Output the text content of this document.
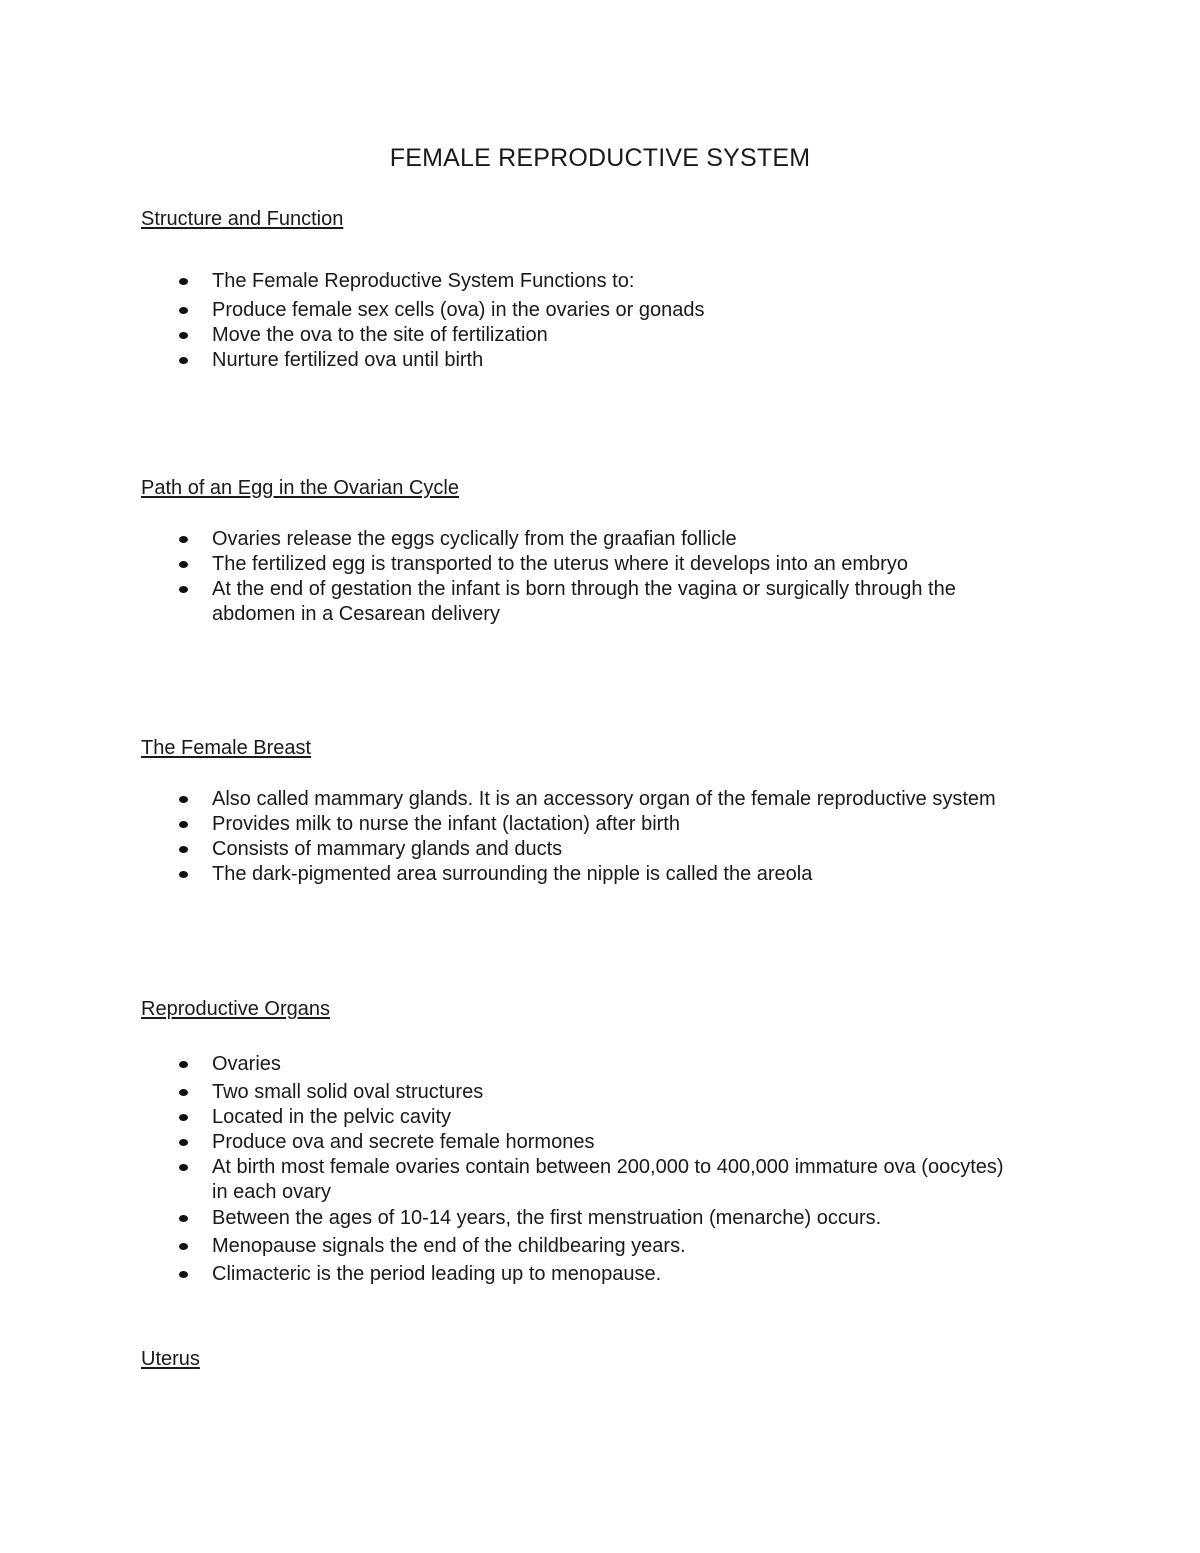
FEMALE REPRODUCTIVE SYSTEM

Structure and Function

The Female Reproductive System Functions to:
Produce female sex cells (ova) in the ovaries or gonads
Move the ova to the site of fertilization
Nurture fertilized ova until birth

Path of an Egg in the Ovarian Cycle

Ovaries release the eggs cyclically from the graafian follicle
The fertilized egg is transported to the uterus where it develops into an embryo
At the end of gestation the infant is born through the vagina or surgically through the abdomen in a Cesarean delivery

The Female Breast

Also called mammary glands. It is an accessory organ of the female reproductive system
Provides milk to nurse the infant (lactation) after birth
Consists of mammary glands and ducts
The dark-pigmented area surrounding the nipple is called the areola

Reproductive Organs

Ovaries
Two small solid oval structures
Located in the pelvic cavity
Produce ova and secrete female hormones
At birth most female ovaries contain between 200,000 to 400,000 immature ova (oocytes) in each ovary
Between the ages of 10-14 years, the first menstruation (menarche) occurs.
Menopause signals the end of the childbearing years.
Climacteric is the period leading up to menopause.

Uterus
